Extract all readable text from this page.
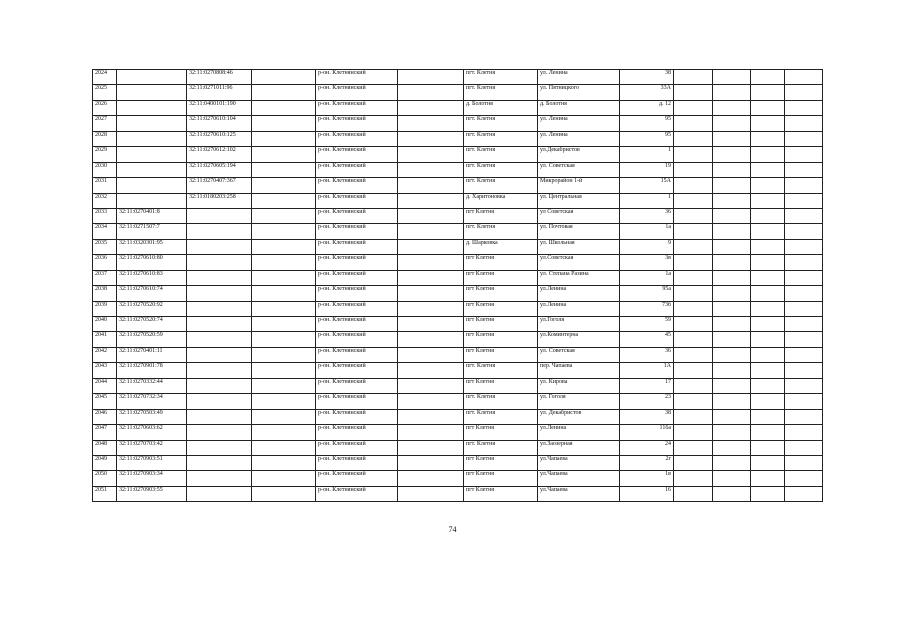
2024		32:11:0270808:46		р-он. Клетнянский		пгт. Клетня	ул. Ленина	38				
2025		32:11:0271011:96		р-он. Клетнянский		пгт. Клетня	ул. Пятницкого	33А				
2026		32:11:0400101:190		р-он. Клетнянский		д. Болотня	д. Болотня	д. 12				
2027		32:11:0270610:104		р-он. Клетнянский		пгт. Клетня	ул. Ленина	95				
2028		32:11:0270610:125		р-он. Клетнянский		пгт. Клетня	ул. Ленина	95				
2029		32:11:0270612:102		р-он. Клетнянский		пгт. Клетня	ул.Декабристов	1				
2030		32:11:0270605:194		р-он. Клетнянский		пгт. Клетня	ул. Советская	19				
2031		32:11:0270407:367		р-он. Клетнянский		пгт. Клетня	Микрорайон 1-й	15А				
2032		32:11:0180203:258		р-он. Клетнянский		д. Харитоновка	ул. Центральная	1				
2033	32:11:0270401:8			р-он. Клетнянский		пгт Клетня	ул Советская	36				
2034	32:11:0271507:7			р-он. Клетнянский		пгт. Клетня	ул. Почтовая	1а				
2035	32:11:0320301:95			р-он. Клетнянский		д. Шарковка	ул. Школьная	9				
2036	32:11:0270610:80			р-он. Клетнянский		пгт Клетня	ул.Советская	3в				
2037	32:11:0270610:83			р-он. Клетнянский		пгт Клетня	ул. Степана Разина	1а				
2038	32:11:0270610:74			р-он. Клетнянский		пгт Клетня	ул.Ленина	95а				
2039	32:11:0270520:92			р-он. Клетнянский		пгт Клетня	ул.Ленина	73б				
2040	32:11:0270520:74			р-он. Клетнянский		пгт Клетня	ул.Гоголя	59				
2041	32:11:0270520:59			р-он. Клетнянский		пгт Клетня	ул.Коминтерна	45				
2042	32:11:0270401:11			р-он. Клетнянский		пгт Клетня	ул. Советская	36				
2043	32:11:0270901:78			р-он. Клетнянский		пгт. Клетня	пер. Чапаева	1А				
2044	32:11:0270332:44			р-он. Клетнянский		пгт Клетня	ул. Кирова	17				
2045	32:11:0270732:34			р-он. Клетнянский		пгт. Клетня	ул. Гоголя	23				
2046	32:11:0270503:49			р-он. Клетнянский		пгт. Клетня	ул. Декабристов	38				
2047	32:11:0270603:62			р-он. Клетнянский		пгт Клетня	ул.Ленина	116а				
2048	32:11:0270703:42			р-он. Клетнянский		пгт. Клетня	ул.Заозерная	24				
2049	32:11:0270903:51			р-он. Клетнянский		пгт Клетня	ул.Чапаева	2г				
2050	32:11:0270903:34			р-он. Клетнянский		пгт Клетня	ул.Чапаева	1в				
2051	32:11:0270903:55			р-он. Клетнянский		пгт Клетня	ул.Чапаева	16				
74
